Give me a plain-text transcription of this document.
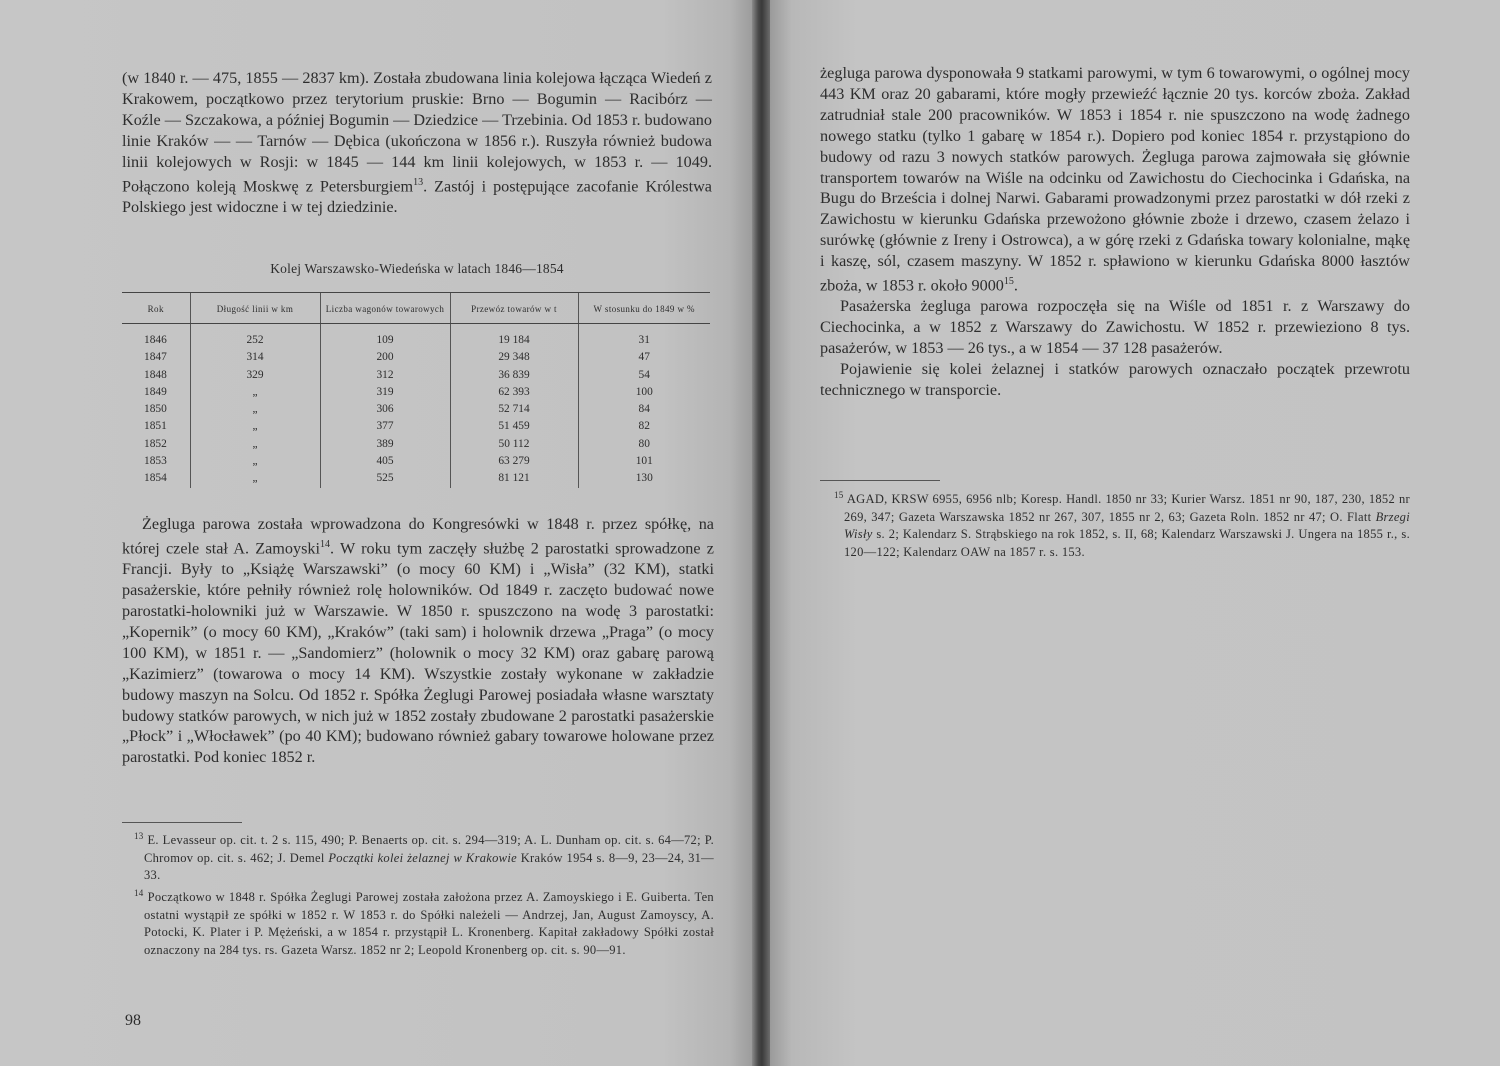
(w 1840 r. — 475, 1855 — 2837 km). Została zbudowana linia kolejowa łącząca Wiedeń z Krakowem, początkowo przez terytorium pruskie: Brno — Bogumin — Racibórz — Koźle — Szczakowa, a później Bogumin — Dziedzice — Trzebinia. Od 1853 r. budowano linie Kraków — — Tarnów — Dębica (ukończona w 1856 r.). Ruszyła również budowa linii kolejowych w Rosji: w 1845 — 144 km linii kolejowych, w 1853 r. — 1049. Połączono koleją Moskwę z Petersburgiem$^{13}$. Zastój i postępujące zacofanie Królestwa Polskiego jest widoczne i w tej dziedzinie.

Kolej Warszawsko-Wiedeńska w latach 1846—1854
Rok	Długość linii w km	Liczba wagonów towarowych	Przewóz towarów w t	W stosunku do 1849 w %
1846	252	109	19 184	31
1847	314	200	29 348	47
1848	329	312	36 839	54
1849	„	319	62 393	100
1850	„	306	52 714	84
1851	„	377	51 459	82
1852	„	389	50 112	80
1853	„	405	63 279	101
1854	„	525	81 121	130

Żegluga parowa została wprowadzona do Kongresówki w 1848 r. przez spółkę, na której czele stał A. Zamoyski$^{14}$. W roku tym zaczęły służbę 2 parostatki sprowadzone z Francji. Były to „Książę Warszawski” (o mocy 60 KM) i „Wisła” (32 KM), statki pasażerskie, które pełniły również rolę holowników. Od 1849 r. zaczęto budować nowe parostatki-holowniki już w Warszawie. W 1850 r. spuszczono na wodę 3 parostatki: „Kopernik” (o mocy 60 KM), „Kraków” (taki sam) i holownik drzewa „Praga” (o mocy 100 KM), w 1851 r. — „Sandomierz” (holownik o mocy 32 KM) oraz gabarę parową „Kazimierz” (towarowa o mocy 14 KM). Wszystkie zostały wykonane w zakładzie budowy maszyn na Solcu. Od 1852 r. Spółka Żeglugi Parowej posiadała własne warsztaty budowy statków parowych, w nich już w 1852 zostały zbudowane 2 parostatki pasażerskie „Płock” i „Włocławek” (po 40 KM); budowano również gabary towarowe holowane przez parostatki. Pod koniec 1852 r.

$^{13}$ E. Levasseur op. cit. t. 2 s. 115, 490; P. Benaerts op. cit. s. 294—319; A. L. Dunham op. cit. s. 64—72; P. Chromov op. cit. s. 462; J. Demel Początki kolei żelaznej w Krakowie Kraków 1954 s. 8—9, 23—24, 31—33.

$^{14}$ Początkowo w 1848 r. Spółka Żeglugi Parowej została założona przez A. Zamoyskiego i E. Guiberta. Ten ostatni wystąpił ze spółki w 1852 r. W 1853 r. do Spółki należeli — Andrzej, Jan, August Zamoyscy, A. Potocki, K. Plater i P. Mężeński, a w 1854 r. przystąpił L. Kronenberg. Kapitał zakładowy Spółki został oznaczony na 284 tys. rs. Gazeta Warsz. 1852 nr 2; Leopold Kronenberg op. cit. s. 90—91.

98

żegluga parowa dysponowała 9 statkami parowymi, w tym 6 towarowymi, o ogólnej mocy 443 KM oraz 20 gabarami, które mogły przewieźć łącznie 20 tys. korców zboża. Zakład zatrudniał stale 200 pracowników. W 1853 i 1854 r. nie spuszczono na wodę żadnego nowego statku (tylko 1 gabarę w 1854 r.). Dopiero pod koniec 1854 r. przystąpiono do budowy od razu 3 nowych statków parowych. Żegluga parowa zajmowała się głównie transportem towarów na Wiśle na odcinku od Zawichostu do Ciechocinka i Gdańska, na Bugu do Brześcia i dolnej Narwi. Gabarami prowadzonymi przez parostatki w dół rzeki z Zawichostu w kierunku Gdańska przewożono głównie zboże i drzewo, czasem żelazo i surówkę (głównie z Ireny i Ostrowca), a w górę rzeki z Gdańska towary kolonialne, mąkę i kaszę, sól, czasem maszyny. W 1852 r. spławiono w kierunku Gdańska 8000 łasztów zboża, w 1853 r. około 9000$^{15}$.

Pasażerska żegluga parowa rozpoczęła się na Wiśle od 1851 r. z Warszawy do Ciechocinka, a w 1852 z Warszawy do Zawichostu. W 1852 r. przewieziono 8 tys. pasażerów, w 1853 — 26 tys., a w 1854 — 37 128 pasażerów.

Pojawienie się kolei żelaznej i statków parowych oznaczało początek przewrotu technicznego w transporcie.

$^{15}$ AGAD, KRSW 6955, 6956 nlb; Koresp. Handl. 1850 nr 33; Kurier Warsz. 1851 nr 90, 187, 230, 1852 nr 269, 347; Gazeta Warszawska 1852 nr 267, 307, 1855 nr 2, 63; Gazeta Roln. 1852 nr 47; O. Flatt Brzegi Wisły s. 2; Kalendarz S. Strąbskiego na rok 1852, s. II, 68; Kalendarz Warszawski J. Ungera na 1855 r., s. 120—122; Kalendarz OAW na 1857 r. s. 153.
